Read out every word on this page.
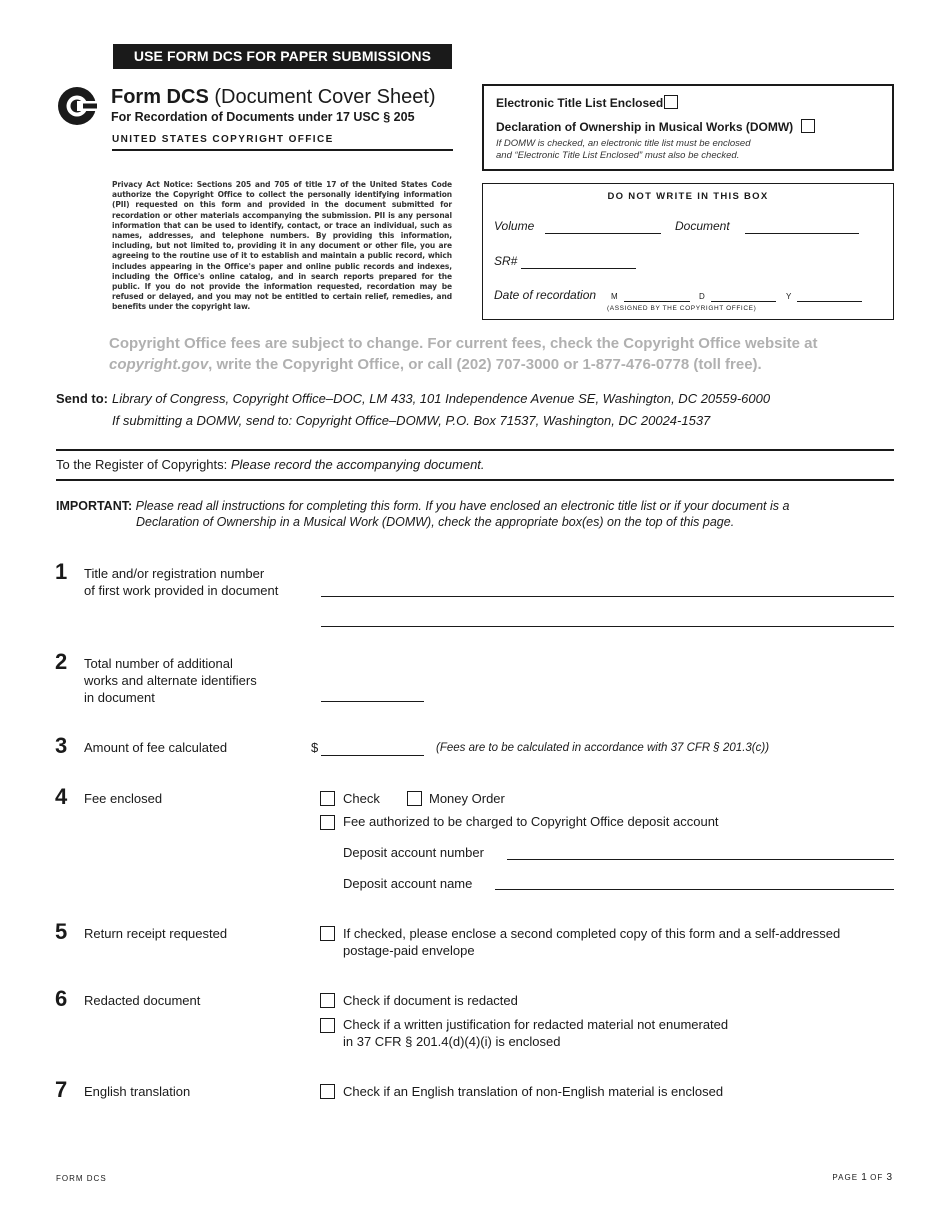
USE FORM DCS FOR PAPER SUBMISSIONS ONLY
Form DCS (Document Cover Sheet)
For Recordation of Documents under 17 USC § 205
UNITED STATES COPYRIGHT OFFICE
Privacy Act Notice: Sections 205 and 705 of title 17 of the United States Code authorize the Copyright Office to collect the personally identifying information (PII) requested on this form and provided in the document submitted for recordation or other materials accompanying the submission. PII is any personal information that can be used to identify, contact, or trace an individual, such as names, addresses, and telephone numbers. By providing this information, including, but not limited to, providing it in any document or other file, you are agreeing to the routine use of it to establish and maintain a public record, which includes appearing in the Office's paper and online public records and indexes, including the Office's online catalog, and in search reports prepared for the public. If you do not provide the information requested, recordation may be refused or delayed, and you may not be entitled to certain relief, remedies, and benefits under the copyright law.
Electronic Title List Enclosed
Declaration of Ownership in Musical Works (DOMW)
If DOMW is checked, an electronic title list must be enclosed
and “Electronic Title List Enclosed” must also be checked.
DO NOT WRITE IN THIS BOX
Volume	Document
SR#
Date of recordation M	D	Y
(ASSIGNED BY THE COPYRIGHT OFFICE)
Copyright Office fees are subject to change. For current fees, check the Copyright Office website at copyright.gov, write the Copyright Office, or call (202) 707-3000 or 1-877-476-0778 (toll free).
Send to: Library of Congress, Copyright Office–DOC, LM 433, 101 Independence Avenue SE, Washington, DC 20559-6000
If submitting a DOMW, send to: Copyright Office–DOMW, P.O. Box 71537, Washington, DC 20024-1537
To the Register of Copyrights: Please record the accompanying document.
IMPORTANT: Please read all instructions for completing this form. If you have enclosed an electronic title list or if your document is a
Declaration of Ownership in a Musical Work (DOMW), check the appropriate box(es) on the top of this page.
1 Title and/or registration number
of first work provided in document
2 Total number of additional
works and alternate identifiers
in document
3 Amount of fee calculated	$	(Fees are to be calculated in accordance with 37 CFR § 201.3(c))
4 Fee enclosed	Check	Money Order
Fee authorized to be charged to Copyright Office deposit account
Deposit account number
Deposit account name
5 Return receipt requested	If checked, please enclose a second completed copy of this form and a self-addressed
postage-paid envelope
6 Redacted document	Check if document is redacted
Check if a written justification for redacted material not enumerated
in 37 CFR § 201.4(d)(4)(i) is enclosed
7 English translation	Check if an English translation of non-English material is enclosed
FORM DCS	PAGE 1 OF 3
